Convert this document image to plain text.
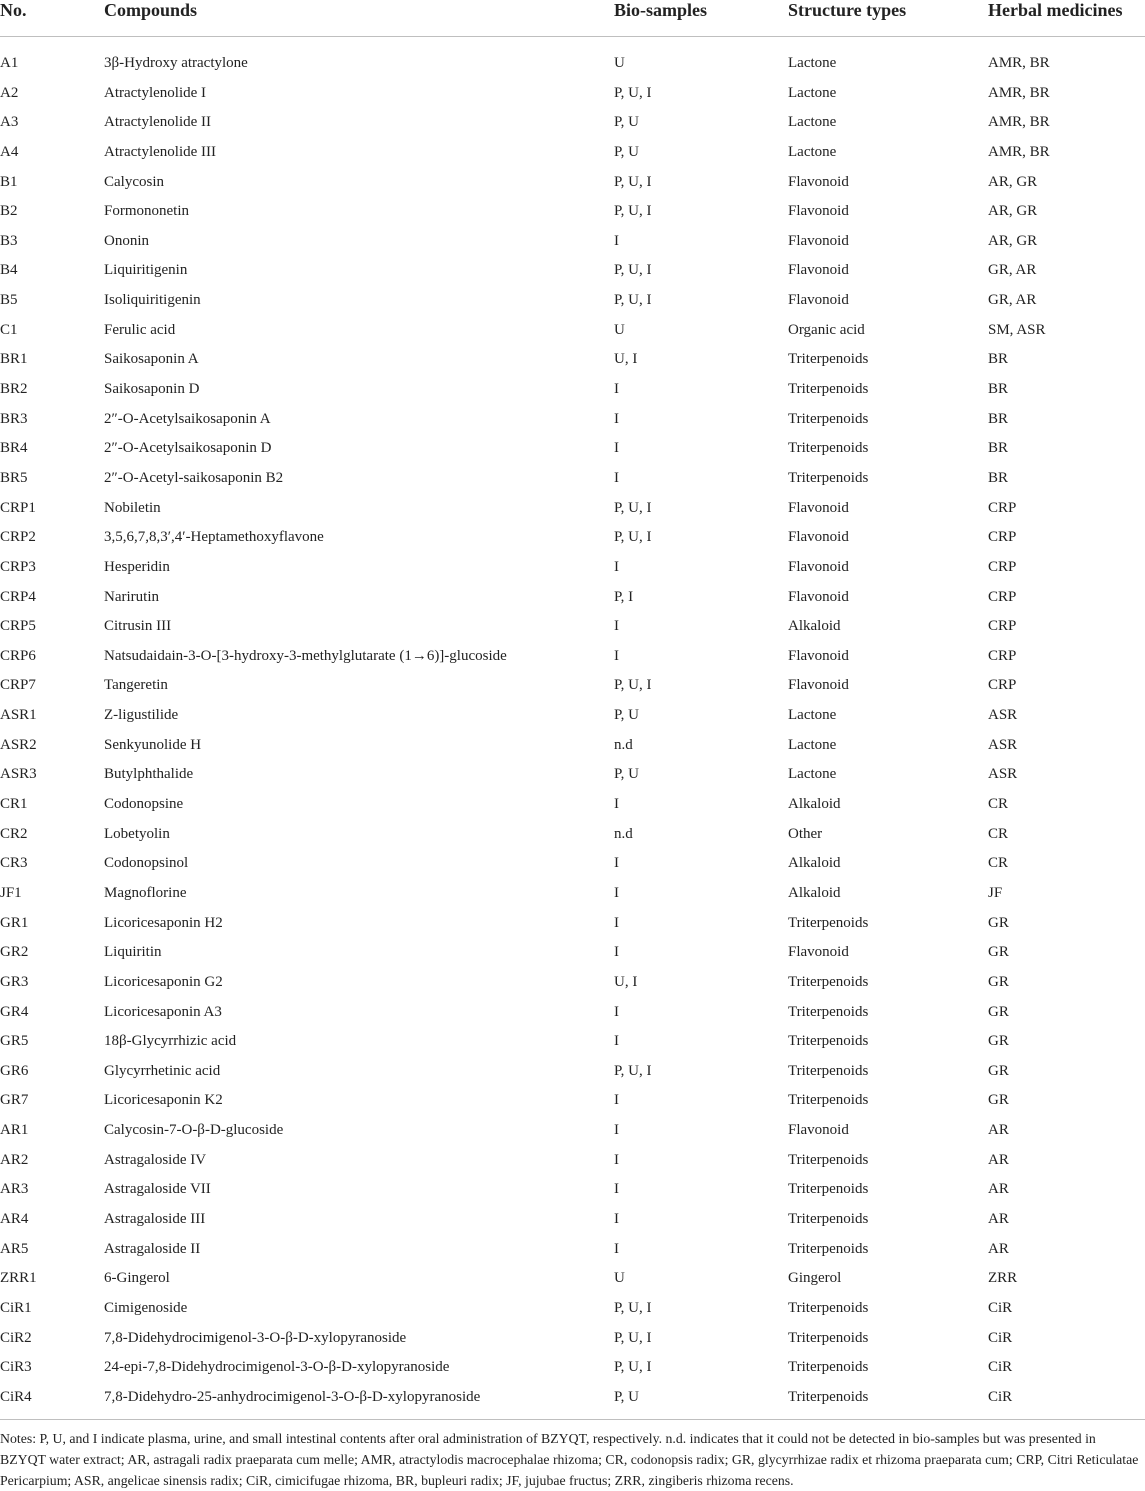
No.	Compounds	Bio-samples	Structure types	Herbal medicines
A1	3β-Hydroxy atractylone	U	Lactone	AMR, BR
A2	Atractylenolide I	P, U, I	Lactone	AMR, BR
A3	Atractylenolide II	P, U	Lactone	AMR, BR
A4	Atractylenolide III	P, U	Lactone	AMR, BR
B1	Calycosin	P, U, I	Flavonoid	AR, GR
B2	Formononetin	P, U, I	Flavonoid	AR, GR
B3	Ononin	I	Flavonoid	AR, GR
B4	Liquiritigenin	P, U, I	Flavonoid	GR, AR
B5	Isoliquiritigenin	P, U, I	Flavonoid	GR, AR
C1	Ferulic acid	U	Organic acid	SM, ASR
BR1	Saikosaponin A	U, I	Triterpenoids	BR
BR2	Saikosaponin D	I	Triterpenoids	BR
BR3	2″-O-Acetylsaikosaponin A	I	Triterpenoids	BR
BR4	2″-O-Acetylsaikosaponin D	I	Triterpenoids	BR
BR5	2″-O-Acetyl-saikosaponin B2	I	Triterpenoids	BR
CRP1	Nobiletin	P, U, I	Flavonoid	CRP
CRP2	3,5,6,7,8,3′,4′-Heptamethoxyflavone	P, U, I	Flavonoid	CRP
CRP3	Hesperidin	I	Flavonoid	CRP
CRP4	Narirutin	P, I	Flavonoid	CRP
CRP5	Citrusin III	I	Alkaloid	CRP
CRP6	Natsudaidain-3-O-[3-hydroxy-3-methylglutarate (1→6)]-glucoside	I	Flavonoid	CRP
CRP7	Tangeretin	P, U, I	Flavonoid	CRP
ASR1	Z-ligustilide	P, U	Lactone	ASR
ASR2	Senkyunolide H	n.d	Lactone	ASR
ASR3	Butylphthalide	P, U	Lactone	ASR
CR1	Codonopsine	I	Alkaloid	CR
CR2	Lobetyolin	n.d	Other	CR
CR3	Codonopsinol	I	Alkaloid	CR
JF1	Magnoflorine	I	Alkaloid	JF
GR1	Licoricesaponin H2	I	Triterpenoids	GR
GR2	Liquiritin	I	Flavonoid	GR
GR3	Licoricesaponin G2	U, I	Triterpenoids	GR
GR4	Licoricesaponin A3	I	Triterpenoids	GR
GR5	18β-Glycyrrhizic acid	I	Triterpenoids	GR
GR6	Glycyrrhetinic acid	P, U, I	Triterpenoids	GR
GR7	Licoricesaponin K2	I	Triterpenoids	GR
AR1	Calycosin-7-O-β-D-glucoside	I	Flavonoid	AR
AR2	Astragaloside IV	I	Triterpenoids	AR
AR3	Astragaloside VII	I	Triterpenoids	AR
AR4	Astragaloside III	I	Triterpenoids	AR
AR5	Astragaloside II	I	Triterpenoids	AR
ZRR1	6-Gingerol	U	Gingerol	ZRR
CiR1	Cimigenoside	P, U, I	Triterpenoids	CiR
CiR2	7,8-Didehydrocimigenol-3-O-β-D-xylopyranoside	P, U, I	Triterpenoids	CiR
CiR3	24-epi-7,8-Didehydrocimigenol-3-O-β-D-xylopyranoside	P, U, I	Triterpenoids	CiR
CiR4	7,8-Didehydro-25-anhydrocimigenol-3-O-β-D-xylopyranoside	P, U	Triterpenoids	CiR
Notes: P, U, and I indicate plasma, urine, and small intestinal contents after oral administration of BZYQT, respectively. n.d. indicates that it could not be detected in bio-samples but was presented in BZYQT water extract; AR, astragali radix praeparata cum melle; AMR, atractylodis macrocephalae rhizoma; CR, codonopsis radix; GR, glycyrrhizae radix et rhizoma praeparata cum; CRP, Citri Reticulatae Pericarpium; ASR, angelicae sinensis radix; CiR, cimicifugae rhizoma, BR, bupleuri radix; JF, jujubae fructus; ZRR, zingiberis rhizoma recens.
